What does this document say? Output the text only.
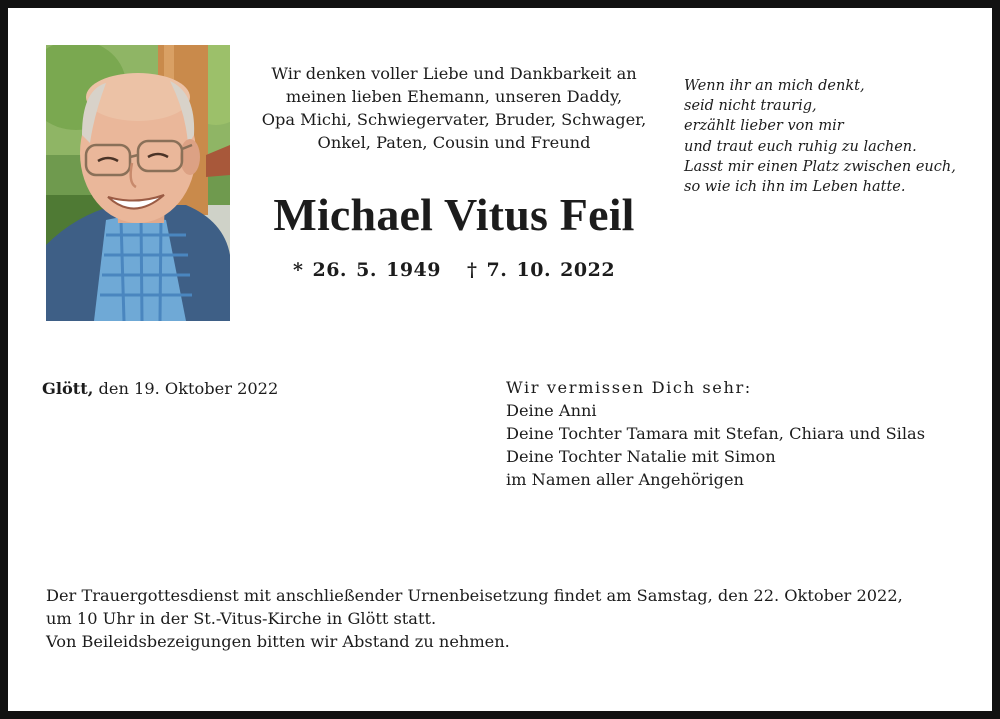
Wir denken voller Liebe und Dankbarkeit an
meinen lieben Ehemann, unseren Daddy,
Opa Michi, Schwiegervater, Bruder, Schwager,
Onkel, Paten, Cousin und Freund
Wenn ihr an mich denkt,
seid nicht traurig,
erzählt lieber von mir
und traut euch ruhig zu lachen.
Lasst mir einen Platz zwischen euch,
so wie ich ihn im Leben hatte.
Michael Vitus Feil
* 26. 5. 1949 † 7. 10. 2022
Glött, den 19. Oktober 2022	Wir vermissen Dich sehr:
Deine Anni
Deine Tochter Tamara mit Stefan, Chiara und Silas
Deine Tochter Natalie mit Simon
im Namen aller Angehörigen
Der Trauergottesdienst mit anschließender Urnenbeisetzung findet am Samstag, den 22. Oktober 2022,
um 10 Uhr in der St.-Vitus-Kirche in Glött statt.
Von Beileidsbezeigungen bitten wir Abstand zu nehmen.
